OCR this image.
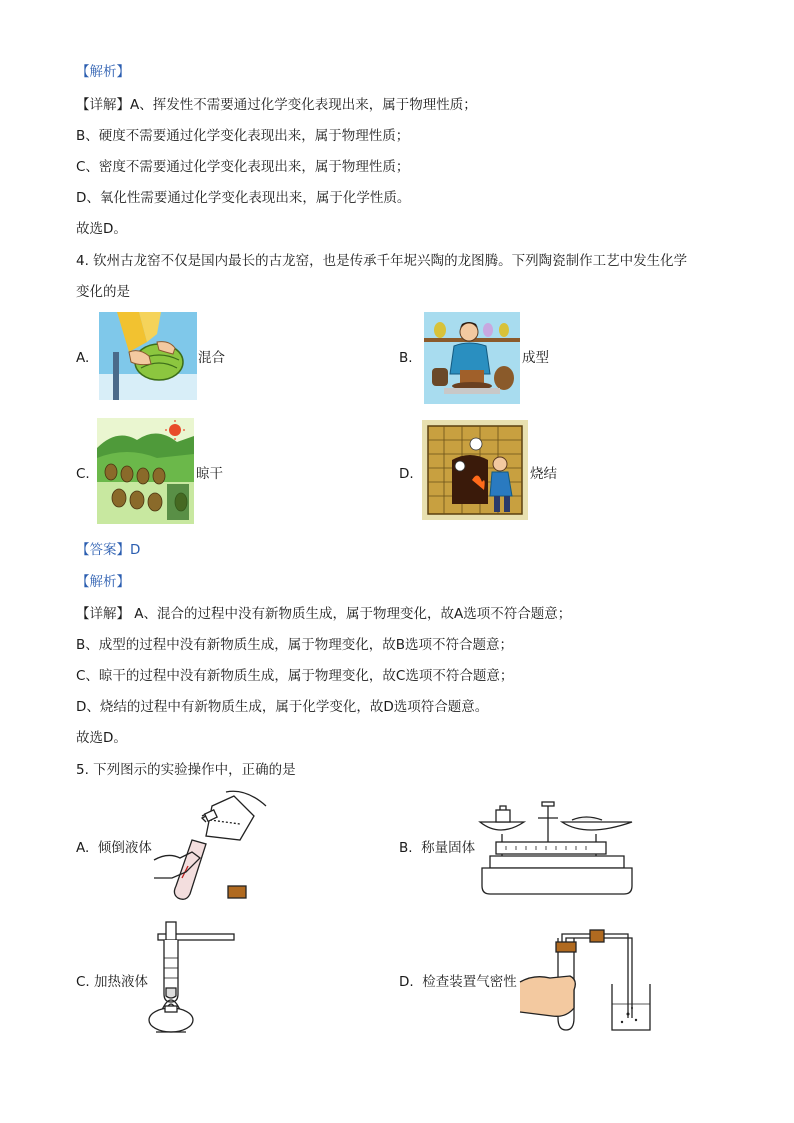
【解析】
【详解】A、挥发性不需要通过化学变化表现出来，属于物理性质；
B、硬度不需要通过化学变化表现出来，属于物理性质；
C、密度不需要通过化学变化表现出来，属于物理性质；
D、氧化性需要通过化学变化表现出来，属于化学性质。
故选D。
4. 钦州古龙窑不仅是国内最长的古龙窑，也是传承千年坭兴陶的龙图腾。下列陶瓷制作工艺中发生化学
变化的是
A.	混合	B.	成型
C.	晾干	D.	烧结
【答案】D
【解析】
【详解】 A、混合的过程中没有新物质生成，属于物理变化，故A选项不符合题意；
B、成型的过程中没有新物质生成，属于物理变化，故B选项不符合题意；
C、晾干的过程中没有新物质生成，属于物理变化，故C选项不符合题意；
D、烧结的过程中有新物质生成，属于化学变化，故D选项符合题意。
故选D。
5. 下列图示的实验操作中，正确的是
A. 倾倒液体	B. 称量固体
C. 加热液体	D. 检查装置气密性
